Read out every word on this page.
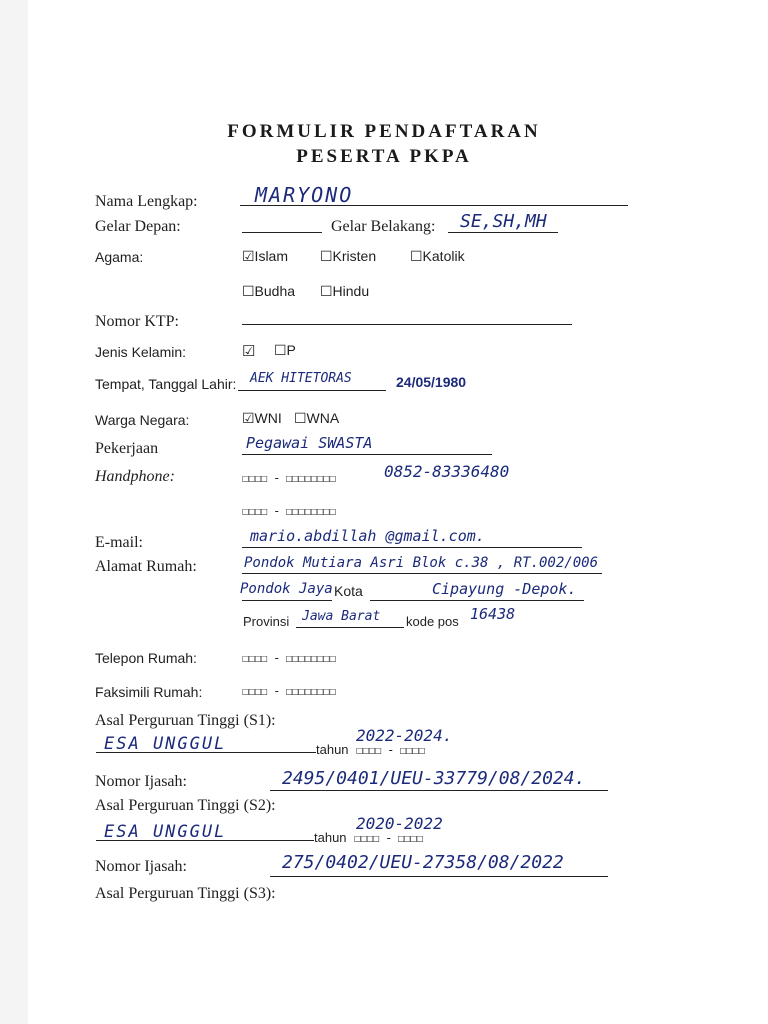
FORMULIR PENDAFTARAN
PESERTA PKPA
Nama Lengkap:	MARYONO
Gelar Depan:	Gelar Belakang: SE,SH,MH
Agama:	☑Islam ☐Kristen ☐Katolik
☐Budha ☐Hindu
Nomor KTP:
Jenis Kelamin:	☑ ☐P
Tempat, Tanggal Lahir: AEK HITETORAS	24/05/1980
Warga Negara:	☑WNI ☐WNA
Pekerjaan	Pegawai SWASTA
Handphone:	☐☐☐☐ - ☐☐☐☐☐☐☐☐	0852-83336480
☐☐☐☐ - ☐☐☐☐☐☐☐☐
E-mail:	mario.abdillah @gmail.com.
Alamat Rumah:	Pondok Mutiara Asri Blok c.38 , RT.002/006
Pondok Jaya Kota	Cipayung -Depok.
Provinsi Jawa Barat kode pos 16438
Telepon Rumah:	☐☐☐☐ - ☐☐☐☐☐☐☐☐
Faksimili Rumah:	☐☐☐☐ - ☐☐☐☐☐☐☐☐
Asal Perguruan Tinggi (S1):
ESA UNGGUL	tahun ☐☐☐☐ - ☐☐☐☐
2022-2024.
Nomor Ijasah:	2495/0401/UEU-33779/08/2024.
Asal Perguruan Tinggi (S2):
ESA UNGGUL	tahun ☐☐☐☐ - ☐☐☐☐
2020-2022
Nomor Ijasah:	275/0402/UEU-27358/08/2022
Asal Perguruan Tinggi (S3):
